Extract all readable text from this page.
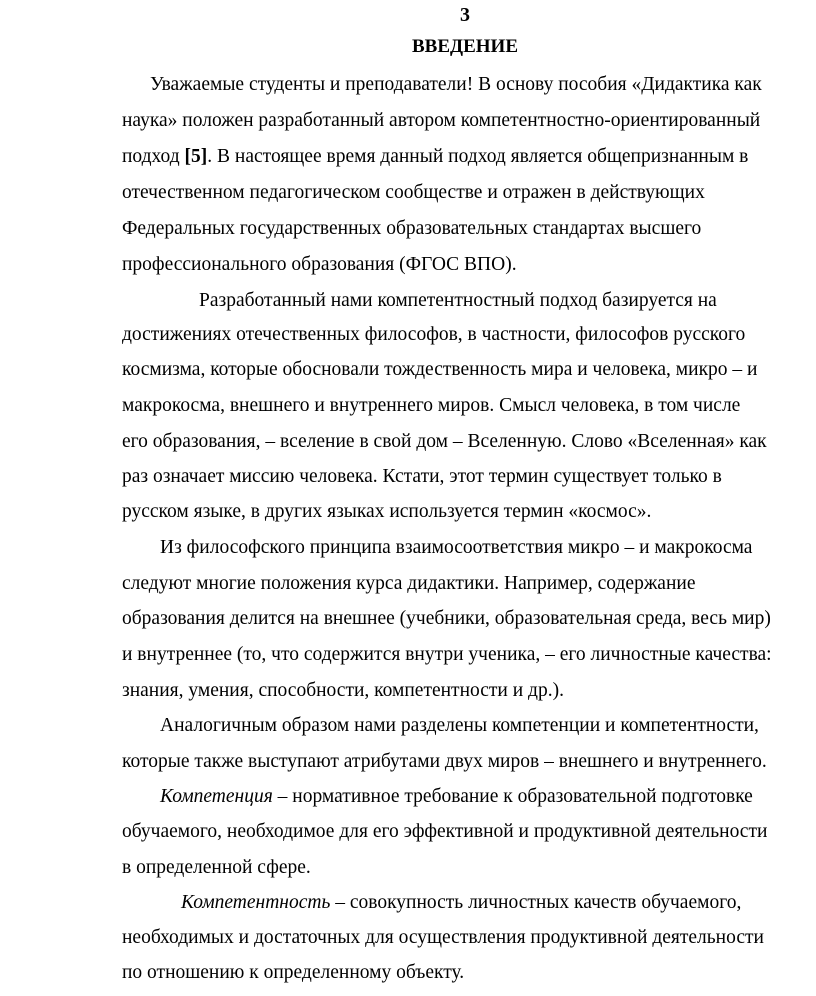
3
ВВЕДЕНИЕ
Уважаемые студенты и преподаватели! В основу пособия «Дидактика как
наука» положен разработанный автором компетентностно-ориентированный
подход [5]. В настоящее время данный подход является общепризнанным в
отечественном педагогическом сообществе и отражен в действующих
Федеральных государственных образовательных стандартах высшего
профессионального образования (ФГОС ВПО).
Разработанный нами компетентностный подход базируется на
достижениях отечественных философов, в частности, философов русского
космизма, которые обосновали тождественность мира и человека, микро – и
макрокосма, внешнего и внутреннего миров. Смысл человека, в том числе
его образования, – вселение в свой дом – Вселенную. Слово «Вселенная» как
раз означает миссию человека. Кстати, этот термин существует только в
русском языке, в других языках используется термин «космос».
Из философского принципа взаимосоответствия микро – и макрокосма
следуют многие положения курса дидактики. Например, содержание
образования делится на внешнее (учебники, образовательная среда, весь мир)
и внутреннее (то, что содержится внутри ученика, – его личностные качества:
знания, умения, способности, компетентности и др.).
Аналогичным образом нами разделены компетенции и компетентности,
которые также выступают атрибутами двух миров – внешнего и внутреннего.
Компетенция – нормативное требование к образовательной подготовке
обучаемого, необходимое для его эффективной и продуктивной деятельности
в определенной сфере.
Компетентность – совокупность личностных качеств обучаемого,
необходимых и достаточных для осуществления продуктивной деятельности
по отношению к определенному объекту.
